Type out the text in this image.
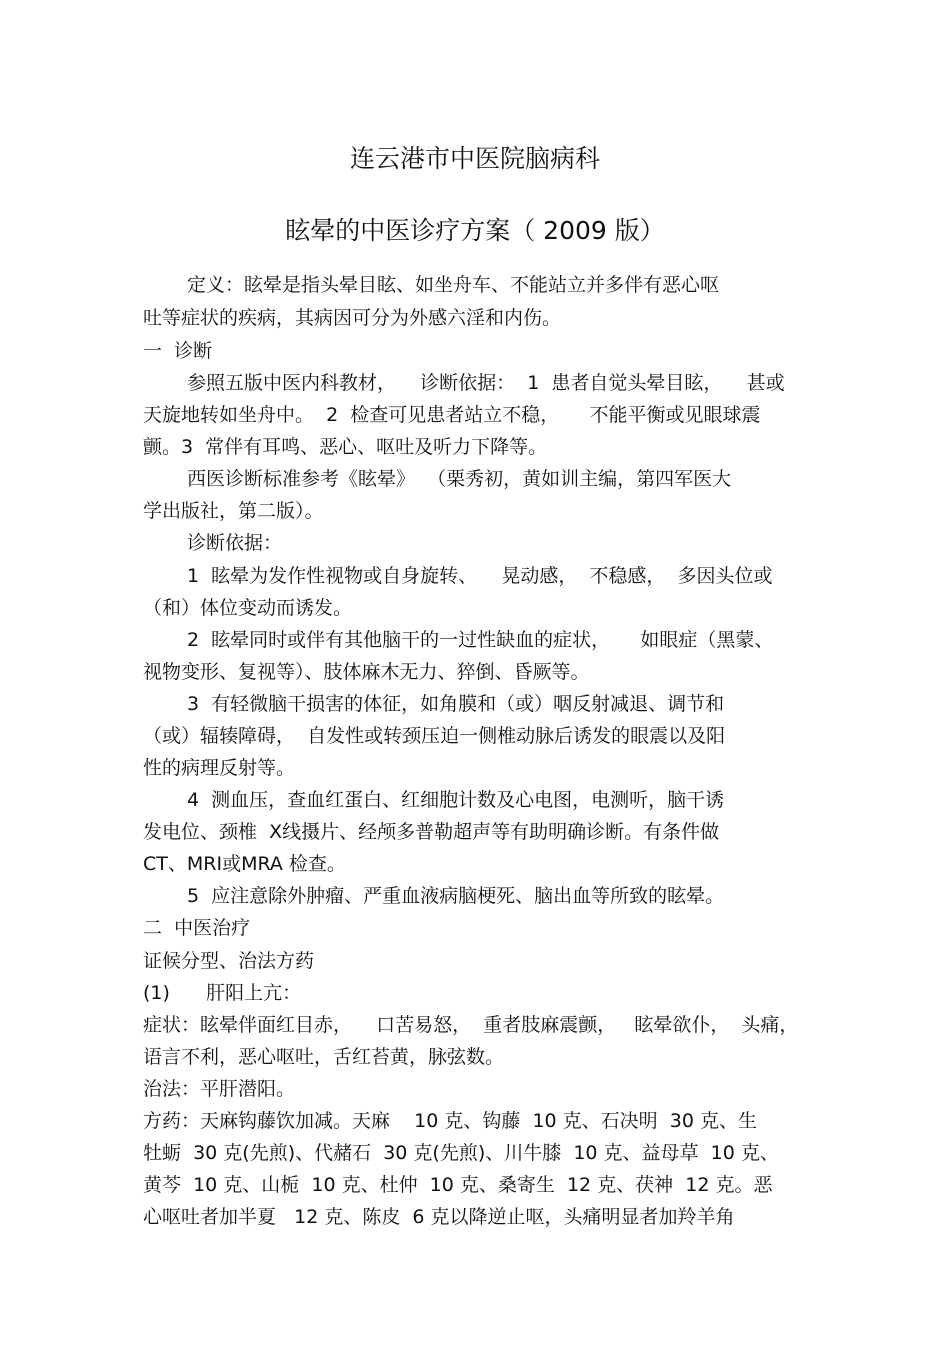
连云港市中医院脑病科
眩晕的中医诊疗方案（ 2009 版）
定义：眩晕是指头晕目眩、如坐舟车、不能站立并多伴有恶心呕
吐等症状的疾病，其病因可分为外感六淫和内伤。
一  诊断
参照五版中医内科教材，    诊断依据：  1  患者自觉头晕目眩，    甚或
天旋地转如坐舟中。  2  检查可见患者站立不稳，     不能平衡或见眼球震
颤。3  常伴有耳鸣、恶心、呕吐及听力下降等。
西医诊断标准参考《眩晕》  （栗秀初，黄如训主编，第四军医大
学出版社，第二版）。
诊断依据：
1  眩晕为发作性视物或自身旋转、    晃动感，  不稳感，  多因头位或
（和）体位变动而诱发。
2  眩晕同时或伴有其他脑干的一过性缺血的症状，     如眼症（黑蒙、
视物变形、复视等）、肢体麻木无力、猝倒、昏厥等。
3  有轻微脑干损害的体征，如角膜和（或）咽反射减退、调节和
（或）辐辏障碍，  自发性或转颈压迫一侧椎动脉后诱发的眼震以及阳
性的病理反射等。
4  测血压，查血红蛋白、红细胞计数及心电图，电测听，脑干诱
发电位、颈椎  X线摄片、经颅多普勒超声等有助明确诊断。有条件做
CT、MRI或MRA 检查。
5  应注意除外肿瘤、严重血液病脑梗死、脑出血等所致的眩晕。
二  中医治疗
证候分型、治法方药
(1)      肝阳上亢：
症状：眩晕伴面红目赤，    口苦易怒，  重者肢麻震颤，   眩晕欲仆，  头痛，
语言不利，恶心呕吐，舌红苔黄，脉弦数。
治法：平肝潜阳。
方药：天麻钩藤饮加减。天麻    10 克、钩藤  10 克、石决明  30 克、生
牡蛎  30 克(先煎)、代赭石  30 克(先煎)、川牛膝  10 克、益母草  10 克、
黄芩  10 克、山栀  10 克、杜仲  10 克、桑寄生  12 克、茯神  12 克。恶
心呕吐者加半夏   12 克、陈皮  6 克以降逆止呕，头痛明显者加羚羊角
